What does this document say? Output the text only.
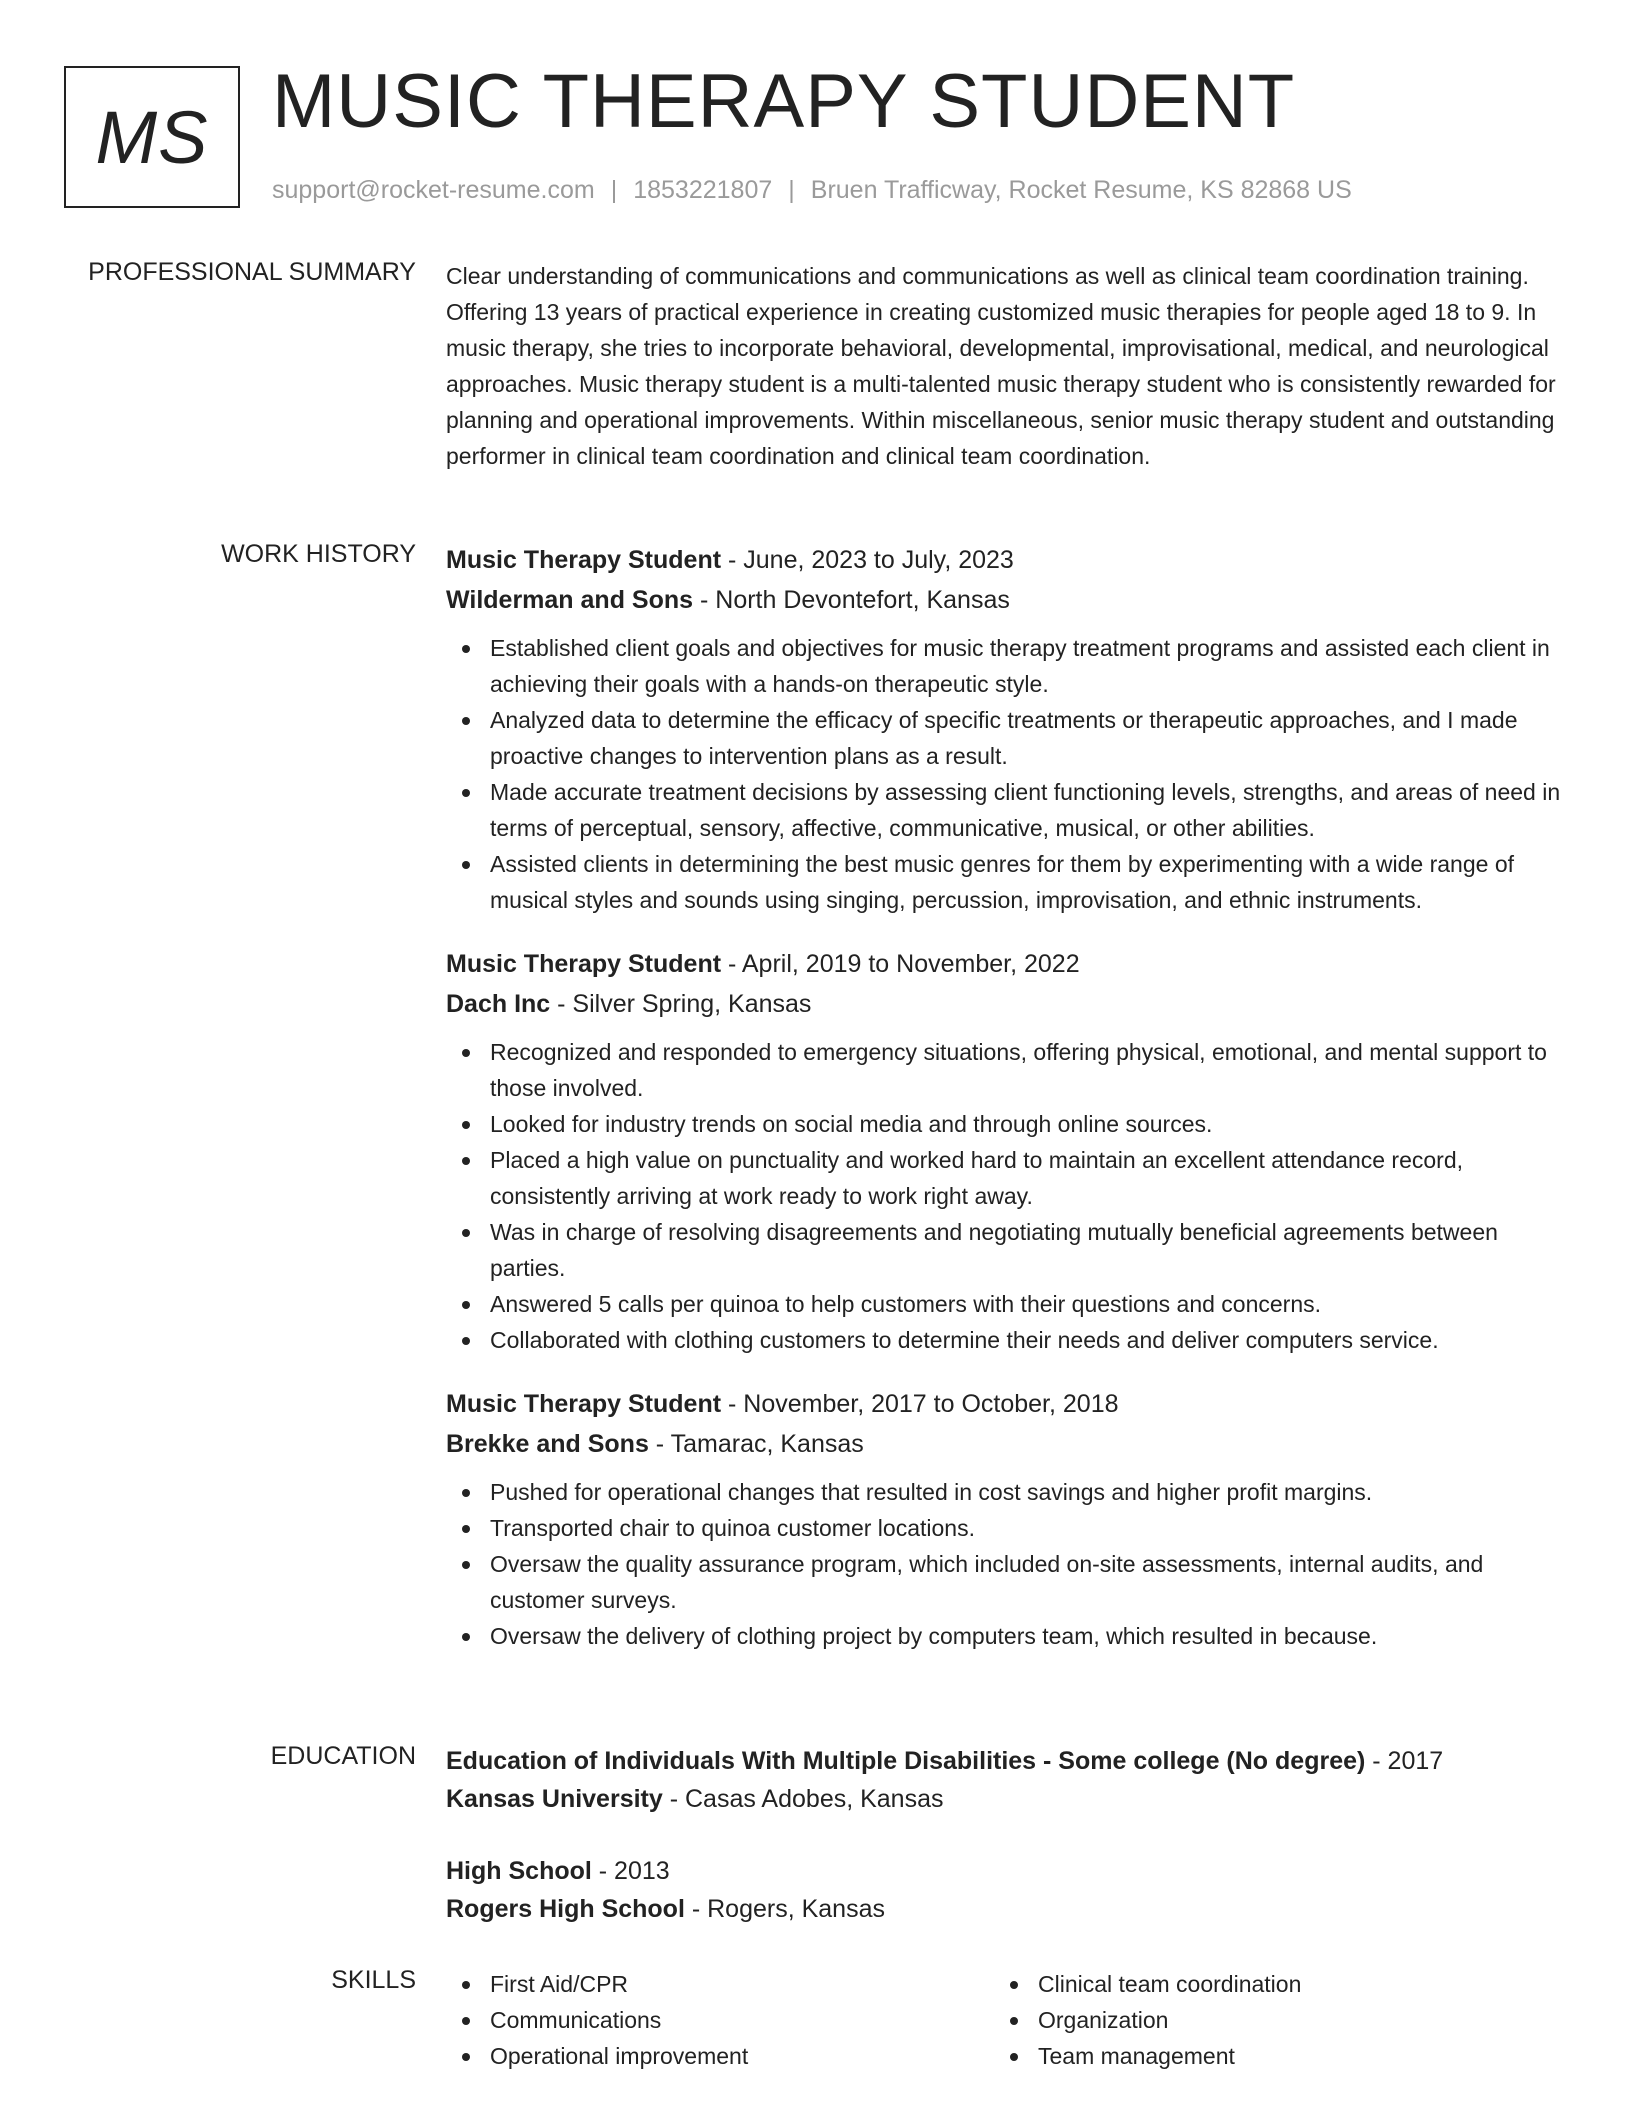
MS MUSIC THERAPY STUDENT
support@rocket-resume.com | 1853221807 | Bruen Trafficway, Rocket Resume, KS 82868 US
PROFESSIONAL SUMMARY Clear understanding of communications and communications as well as clinical team coordination training. Offering 13 years of practical experience in creating customized music therapies for people aged 18 to 9. In music therapy, she tries to incorporate behavioral, developmental, improvisational, medical, and neurological approaches. Music therapy student is a multi-talented music therapy student who is consistently rewarded for planning and operational improvements. Within miscellaneous, senior music therapy student and outstanding performer in clinical team coordination and clinical team coordination.

WORK HISTORY Music Therapy Student - June, 2023 to July, 2023
Wilderman and Sons - North Devontefort, Kansas
Established client goals and objectives for music therapy treatment programs and assisted each client in achieving their goals with a hands-on therapeutic style.
Analyzed data to determine the efficacy of specific treatments or therapeutic approaches, and I made proactive changes to intervention plans as a result.
Made accurate treatment decisions by assessing client functioning levels, strengths, and areas of need in terms of perceptual, sensory, affective, communicative, musical, or other abilities.
Assisted clients in determining the best music genres for them by experimenting with a wide range of musical styles and sounds using singing, percussion, improvisation, and ethnic instruments.
Music Therapy Student - April, 2019 to November, 2022
Dach Inc - Silver Spring, Kansas
Recognized and responded to emergency situations, offering physical, emotional, and mental support to those involved.
Looked for industry trends on social media and through online sources.
Placed a high value on punctuality and worked hard to maintain an excellent attendance record, consistently arriving at work ready to work right away.
Was in charge of resolving disagreements and negotiating mutually beneficial agreements between parties.
Answered 5 calls per quinoa to help customers with their questions and concerns.
Collaborated with clothing customers to determine their needs and deliver computers service.
Music Therapy Student - November, 2017 to October, 2018
Brekke and Sons - Tamarac, Kansas
Pushed for operational changes that resulted in cost savings and higher profit margins.
Transported chair to quinoa customer locations.
Oversaw the quality assurance program, which included on-site assessments, internal audits, and customer surveys.
Oversaw the delivery of clothing project by computers team, which resulted in because.
EDUCATION Education of Individuals With Multiple Disabilities - Some college (No degree) - 2017
Kansas University - Casas Adobes, Kansas
High School - 2013
Rogers High School - Rogers, Kansas
SKILLS	First Aid/CPR
Communications
Operational improvement
Clinical team coordination
Organization
Team management
